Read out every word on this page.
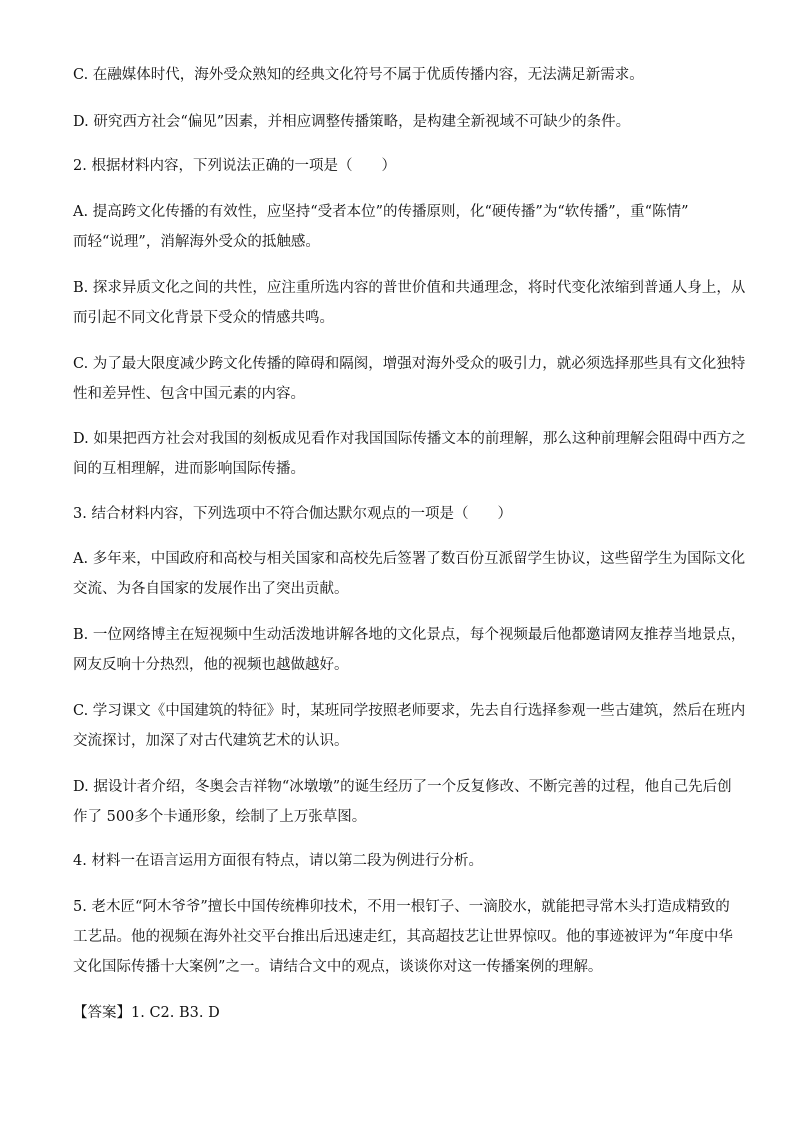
C. 在融媒体时代，海外受众熟知的经典文化符号不属于优质传播内容，无法满足新需求。
D. 研究西方社会“偏见”因素，并相应调整传播策略，是构建全新视域不可缺少的条件。
2. 根据材料内容，下列说法正确的一项是（　　）
A. 提高跨文化传播的有效性，应坚持“受者本位”的传播原则，化“硬传播”为“软传播”，重“陈情”
而轻“说理”，消解海外受众的抵触感。
B. 探求异质文化之间的共性，应注重所选内容的普世价值和共通理念，将时代变化浓缩到普通人身上，从
而引起不同文化背景下受众的情感共鸣。
C. 为了最大限度减少跨文化传播的障碍和隔阂，增强对海外受众的吸引力，就必须选择那些具有文化独特
性和差异性、包含中国元素的内容。
D. 如果把西方社会对我国的刻板成见看作对我国国际传播文本的前理解，那么这种前理解会阻碍中西方之
间的互相理解，进而影响国际传播。
3. 结合材料内容，下列选项中不符合伽达默尔观点的一项是（　　）
A. 多年来，中国政府和高校与相关国家和高校先后签署了数百份互派留学生协议，这些留学生为国际文化
交流、为各自国家的发展作出了突出贡献。
B. 一位网络博主在短视频中生动活泼地讲解各地的文化景点，每个视频最后他都邀请网友推荐当地景点，
网友反响十分热烈，他的视频也越做越好。
C. 学习课文《中国建筑的特征》时，某班同学按照老师要求，先去自行选择参观一些古建筑，然后在班内
交流探讨，加深了对古代建筑艺术的认识。
D. 据设计者介绍，冬奥会吉祥物“冰墩墩”的诞生经历了一个反复修改、不断完善的过程，他自己先后创
作了 500多个卡通形象，绘制了上万张草图。
4. 材料一在语言运用方面很有特点，请以第二段为例进行分析。
5. 老木匠“阿木爷爷”擅长中国传统榫卯技术，不用一根钉子、一滴胶水，就能把寻常木头打造成精致的
工艺品。他的视频在海外社交平台推出后迅速走红，其高超技艺让世界惊叹。他的事迹被评为“年度中华
文化国际传播十大案例”之一。请结合文中的观点，谈谈你对这一传播案例的理解。
【答案】1. C2. B3. D
